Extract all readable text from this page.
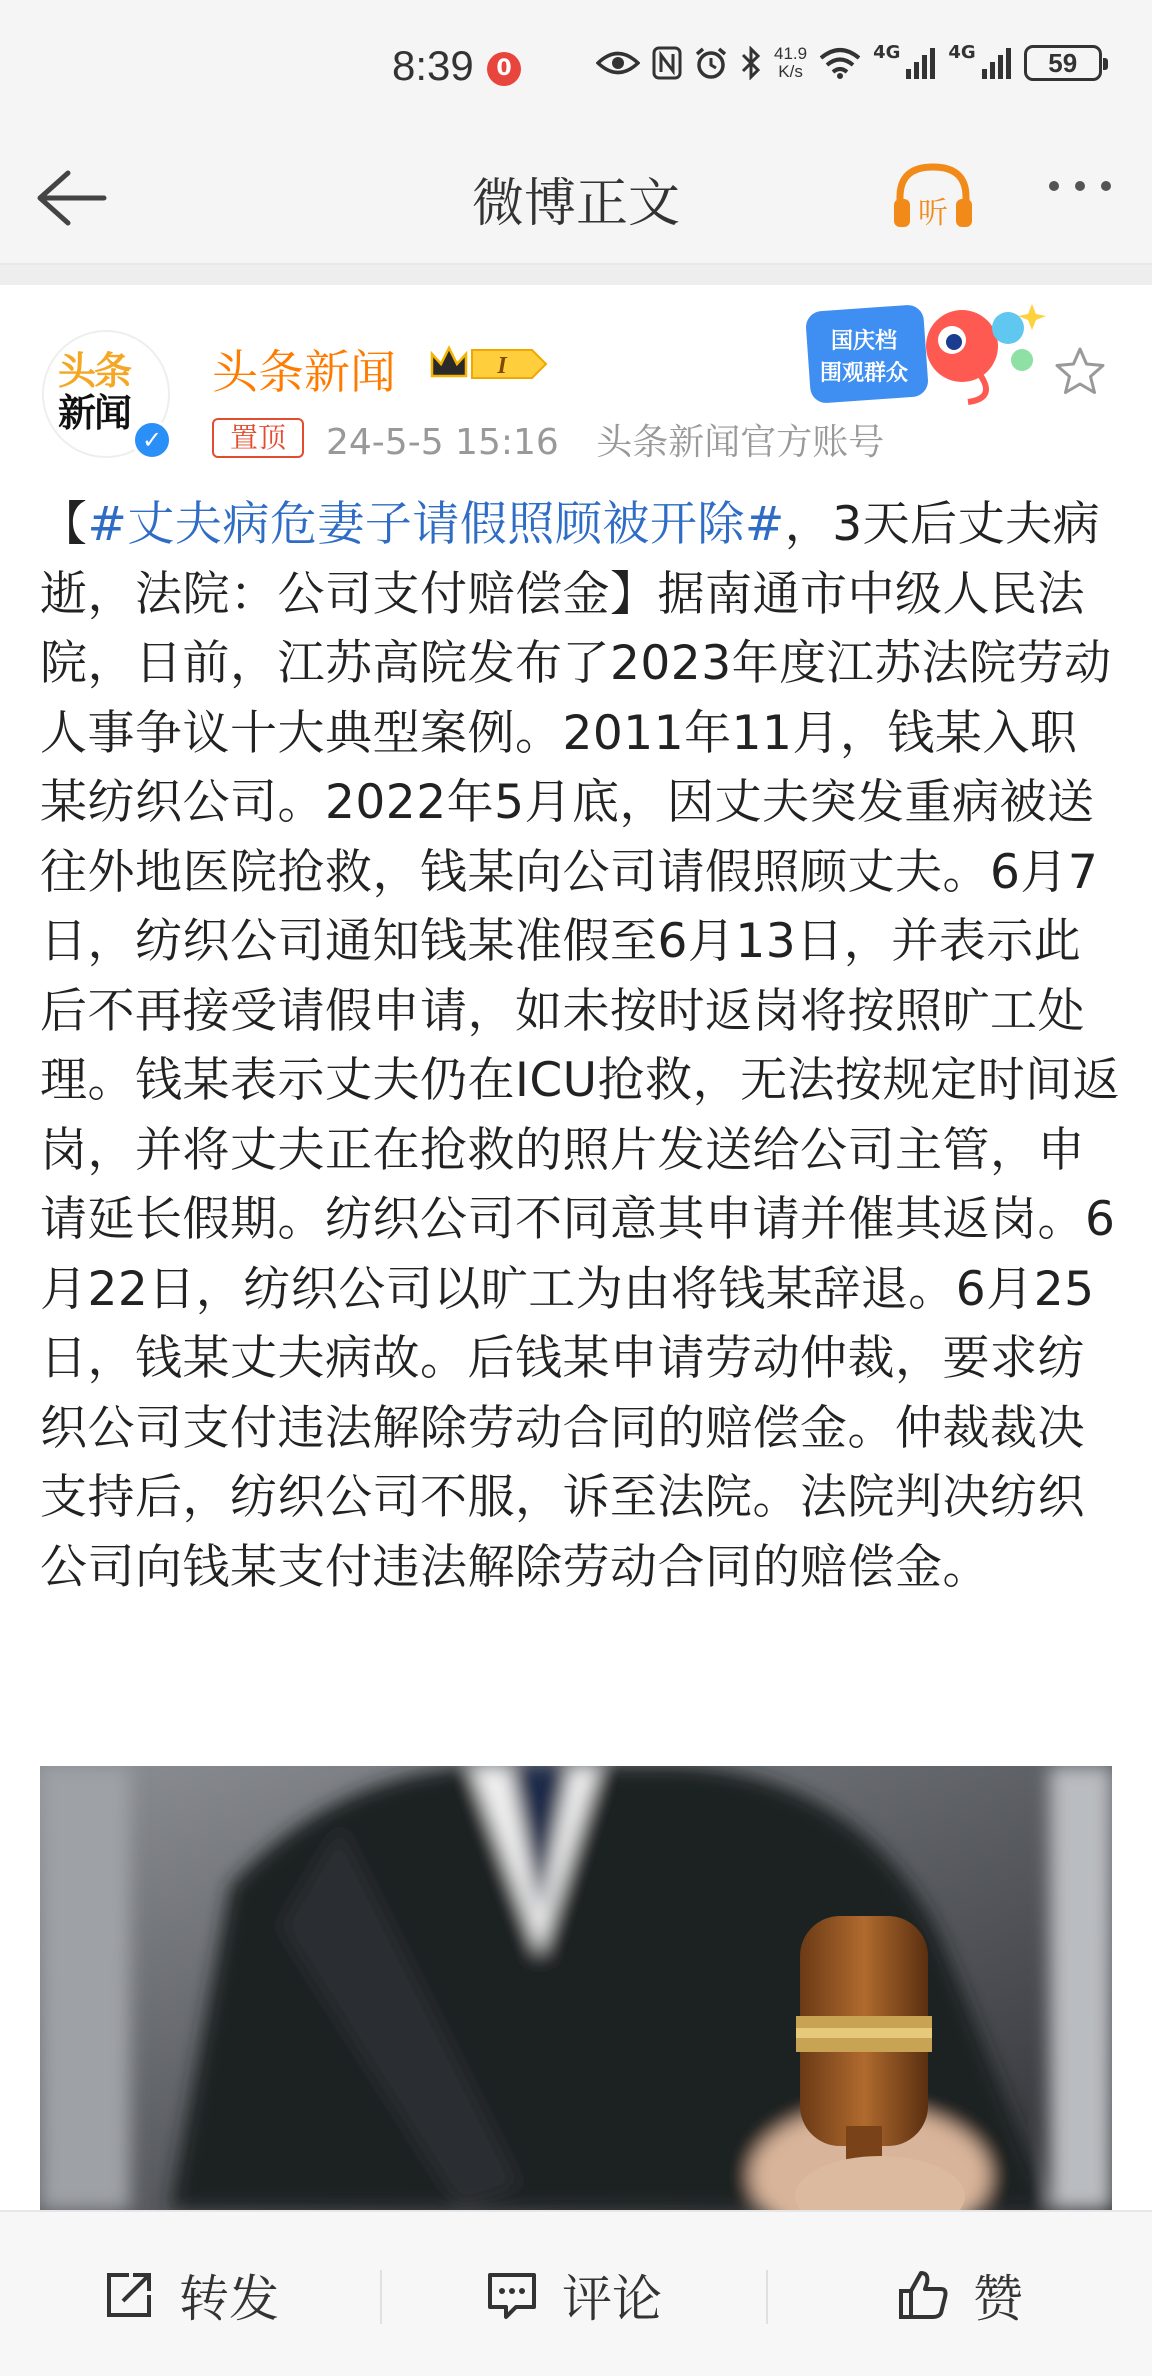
8:39	0
41.9
K/s
4G	4G	59
微博正文	听
头条
新闻
✓
头条新闻	I
置顶	24-5-5 15:16 头条新闻官方账号
国庆档
围观群众
【#丈夫病危妻子请假照顾被开除#，3天后丈夫病逝，法院：公司支付赔偿金】据南通市中级人民法院，日前，江苏高院发布了2023年度江苏法院劳动人事争议十大典型案例。2011年11月，钱某入职某纺织公司。2022年5月底，因丈夫突发重病被送往外地医院抢救，钱某向公司请假照顾丈夫。6月7日，纺织公司通知钱某准假至6月13日，并表示此后不再接受请假申请，如未按时返岗将按照旷工处理。钱某表示丈夫仍在ICU抢救，无法按规定时间返岗，并将丈夫正在抢救的照片发送给公司主管，申请延长假期。纺织公司不同意其申请并催其返岗。6月22日，纺织公司以旷工为由将钱某辞退。6月25日，钱某丈夫病故。后钱某申请劳动仲裁，要求纺织公司支付违法解除劳动合同的赔偿金。仲裁裁决支持后，纺织公司不服，诉至法院。法院判决纺织公司向钱某支付违法解除劳动合同的赔偿金。
转发	评论	赞
